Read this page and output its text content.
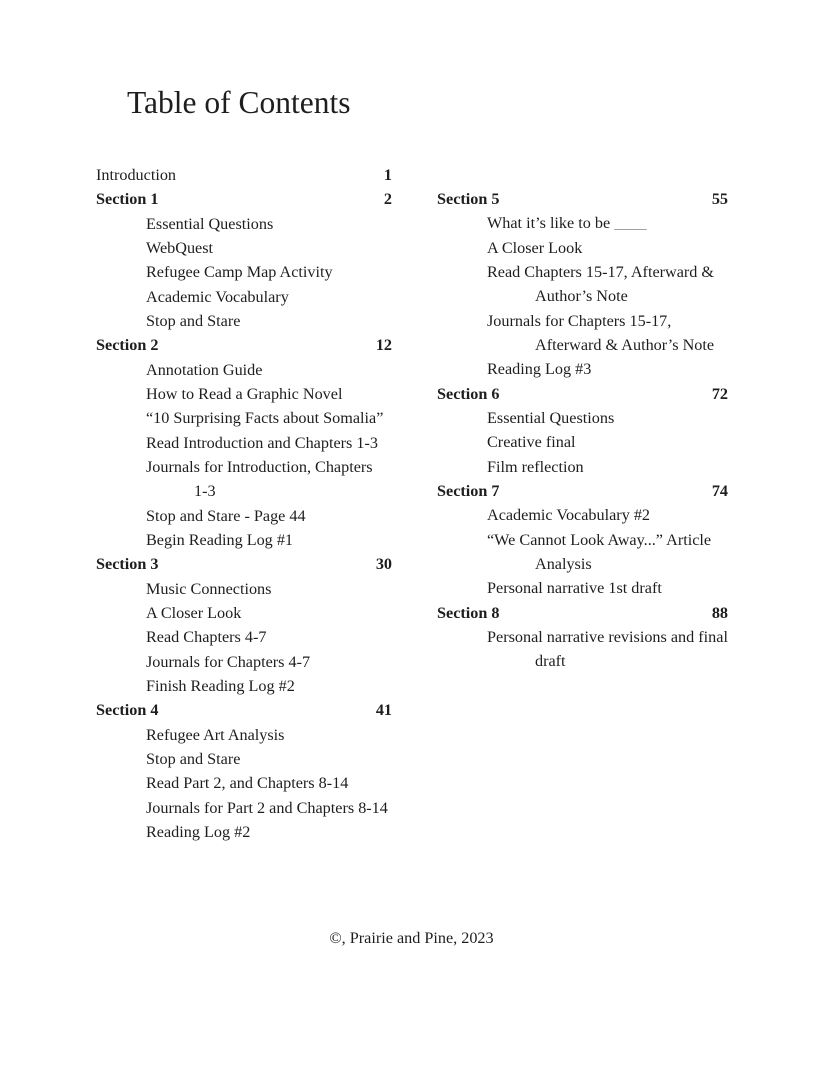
Table of Contents
Introduction	1
Section 1	2
Essential Questions
WebQuest
Refugee Camp Map Activity
Academic Vocabulary
Stop and Stare
Section 2	12
Annotation Guide
How to Read a Graphic Novel
“10 Surprising Facts about Somalia”
Read Introduction and Chapters 1-3
Journals for Introduction, Chapters
1-3
Stop and Stare - Page 44
Begin Reading Log #1
Section 3	30
Music Connections
A Closer Look
Read Chapters 4-7
Journals for Chapters 4-7
Finish Reading Log #2
Section 4	41
Refugee Art Analysis
Stop and Stare
Read Part 2, and Chapters 8-14
Journals for Part 2 and Chapters 8-14
Reading Log #2
Section 5	55
What it’s like to be ____
A Closer Look
Read Chapters 15-17, Afterward &
Author’s Note
Journals for Chapters 15-17,
Afterward & Author’s Note
Reading Log #3
Section 6	72
Essential Questions
Creative final
Film reflection
Section 7	74
Academic Vocabulary #2
“We Cannot Look Away...” Article
Analysis
Personal narrative 1st draft
Section 8	88
Personal narrative revisions and final
draft
©, Prairie and Pine, 2023
